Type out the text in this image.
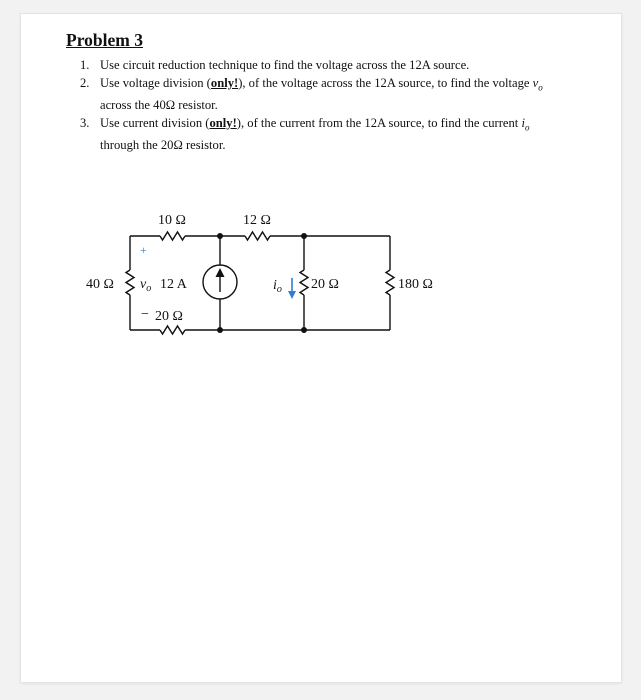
Problem 3
1. Use circuit reduction technique to find the voltage across the 12A source.
2. Use voltage division (only!), of the voltage across the 12A source, to find the voltage $v_o$ across the 40Ω resistor.
3. Use current division (only!), of the current from the 12A source, to find the current $i_o$ through the 20Ω resistor.
10 Ω	12 Ω
40 Ω
+
$v_o$ 12 A
− 20 Ω
$i_o$ 20 Ω	180 Ω
